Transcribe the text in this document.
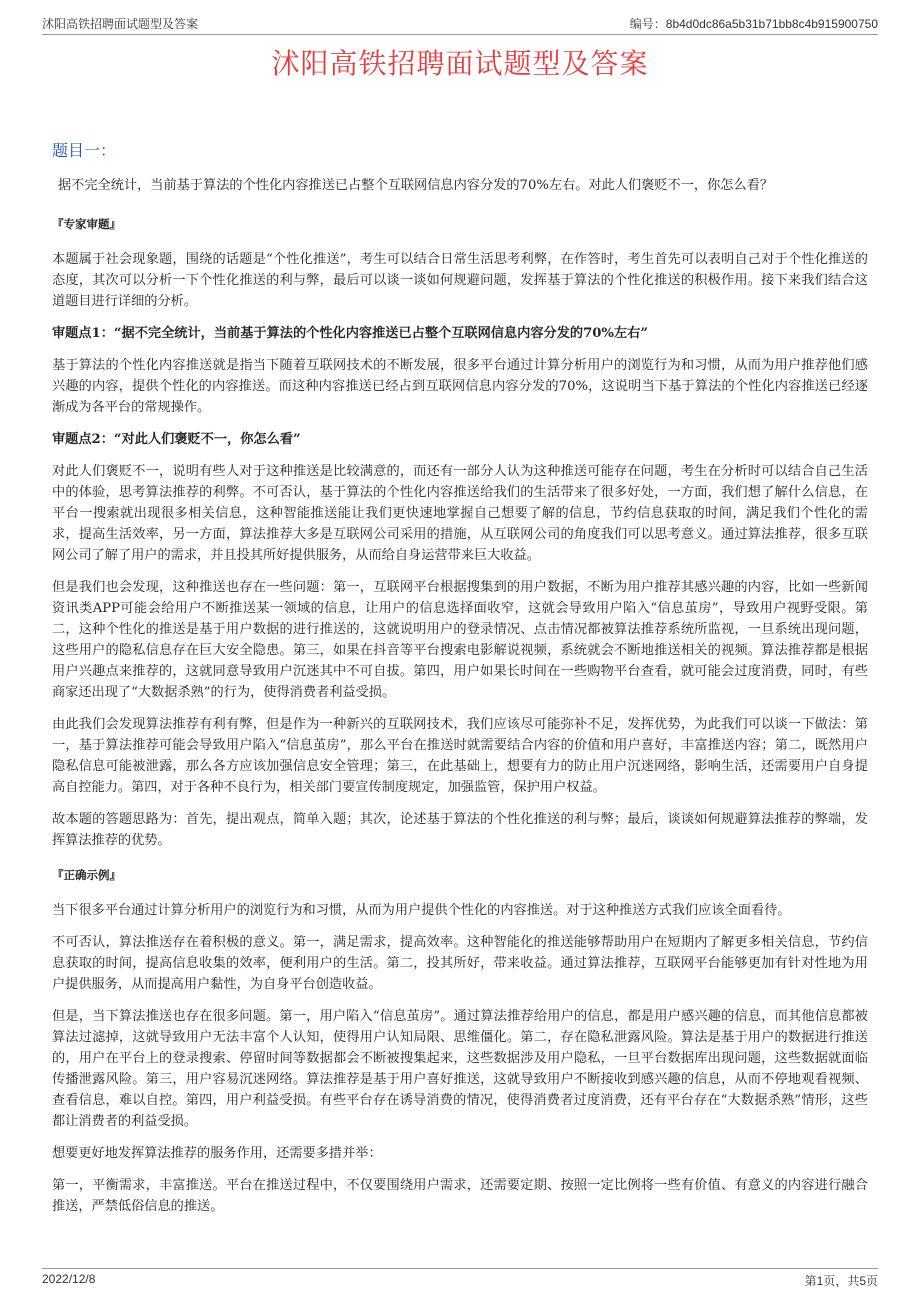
沭阳高铁招聘面试题型及答案	编号：8b4d0dc86a5b31b71bb8c4b915900750
沭阳高铁招聘面试题型及答案
题目一：
据不完全统计，当前基于算法的个性化内容推送已占整个互联网信息内容分发的70%左右。对此人们褒贬不一，你怎么看？
『专家审题』
本题属于社会现象题，围绕的话题是“个性化推送”，考生可以结合日常生活思考利弊，在作答时，考生首先可以表明自己对于个性化推送的态度，其次可以分析一下个性化推送的利与弊，最后可以谈一谈如何规避问题，发挥基于算法的个性化推送的积极作用。接下来我们结合这道题目进行详细的分析。
审题点1：“据不完全统计，当前基于算法的个性化内容推送已占整个互联网信息内容分发的70%左右”
基于算法的个性化内容推送就是指当下随着互联网技术的不断发展，很多平台通过计算分析用户的浏览行为和习惯，从而为用户推荐他们感兴趣的内容，提供个性化的内容推送。而这种内容推送已经占到互联网信息内容分发的70%，这说明当下基于算法的个性化内容推送已经逐渐成为各平台的常规操作。
审题点2：“对此人们褒贬不一，你怎么看”
对此人们褒贬不一，说明有些人对于这种推送是比较满意的，而还有一部分人认为这种推送可能存在问题，考生在分析时可以结合自己生活中的体验，思考算法推荐的利弊。不可否认，基于算法的个性化内容推送给我们的生活带来了很多好处，一方面，我们想了解什么信息，在平台一搜索就出现很多相关信息，这种智能推送能让我们更快速地掌握自己想要了解的信息，节约信息获取的时间，满足我们个性化的需求，提高生活效率，另一方面，算法推荐大多是互联网公司采用的措施，从互联网公司的角度我们可以思考意义。通过算法推荐，很多互联网公司了解了用户的需求，并且投其所好提供服务，从而给自身运营带来巨大收益。
但是我们也会发现，这种推送也存在一些问题：第一，互联网平台根据搜集到的用户数据，不断为用户推荐其感兴趣的内容，比如一些新闻资讯类APP可能会给用户不断推送某一领域的信息，让用户的信息选择面收窄，这就会导致用户陷入“信息茧房”，导致用户视野受限。第二，这种个性化的推送是基于用户数据的进行推送的，这就说明用户的登录情况、点击情况都被算法推荐系统所监视，一旦系统出现问题，这些用户的隐私信息存在巨大安全隐患。第三，如果在抖音等平台搜索电影解说视频，系统就会不断地推送相关的视频。算法推荐都是根据用户兴趣点来推荐的，这就同意导致用户沉迷其中不可自拔。第四，用户如果长时间在一些购物平台查看，就可能会过度消费，同时，有些商家还出现了“大数据杀熟”的行为，使得消费者利益受损。
由此我们会发现算法推荐有利有弊，但是作为一种新兴的互联网技术，我们应该尽可能弥补不足，发挥优势，为此我们可以谈一下做法：第一，基于算法推荐可能会导致用户陷入“信息茧房”，那么平台在推送时就需要结合内容的价值和用户喜好，丰富推送内容；第二，既然用户隐私信息可能被泄露，那么各方应该加强信息安全管理；第三，在此基础上，想要有力的防止用户沉迷网络，影响生活，还需要用户自身提高自控能力。第四，对于各种不良行为，相关部门要宣传制度规定，加强监管，保护用户权益。
故本题的答题思路为：首先，提出观点，简单入题；其次，论述基于算法的个性化推送的利与弊；最后，谈谈如何规避算法推荐的弊端，发挥算法推荐的优势。
『正确示例』
当下很多平台通过计算分析用户的浏览行为和习惯，从而为用户提供个性化的内容推送。对于这种推送方式我们应该全面看待。
不可否认，算法推送存在着积极的意义。第一，满足需求，提高效率。这种智能化的推送能够帮助用户在短期内了解更多相关信息，节约信息获取的时间，提高信息收集的效率，便利用户的生活。第二，投其所好，带来收益。通过算法推荐，互联网平台能够更加有针对性地为用户提供服务，从而提高用户黏性，为自身平台创造收益。
但是，当下算法推送也存在很多问题。第一，用户陷入“信息茧房”。通过算法推荐给用户的信息，都是用户感兴趣的信息，而其他信息都被算法过滤掉，这就导致用户无法丰富个人认知，使得用户认知局限、思维僵化。第二，存在隐私泄露风险。算法是基于用户的数据进行推送的，用户在平台上的登录搜索、停留时间等数据都会不断被搜集起来，这些数据涉及用户隐私，一旦平台数据库出现问题，这些数据就面临传播泄露风险。第三，用户容易沉迷网络。算法推荐是基于用户喜好推送，这就导致用户不断接收到感兴趣的信息，从而不停地观看视频、查看信息，难以自控。第四，用户利益受损。有些平台存在诱导消费的情况，使得消费者过度消费，还有平台存在“大数据杀熟”情形，这些都让消费者的利益受损。
想要更好地发挥算法推荐的服务作用，还需要多措并举：
第一，平衡需求，丰富推送。平台在推送过程中，不仅要围绕用户需求，还需要定期、按照一定比例将一些有价值、有意义的内容进行融合推送，严禁低俗信息的推送。
2022/12/8	第1页，共5页
